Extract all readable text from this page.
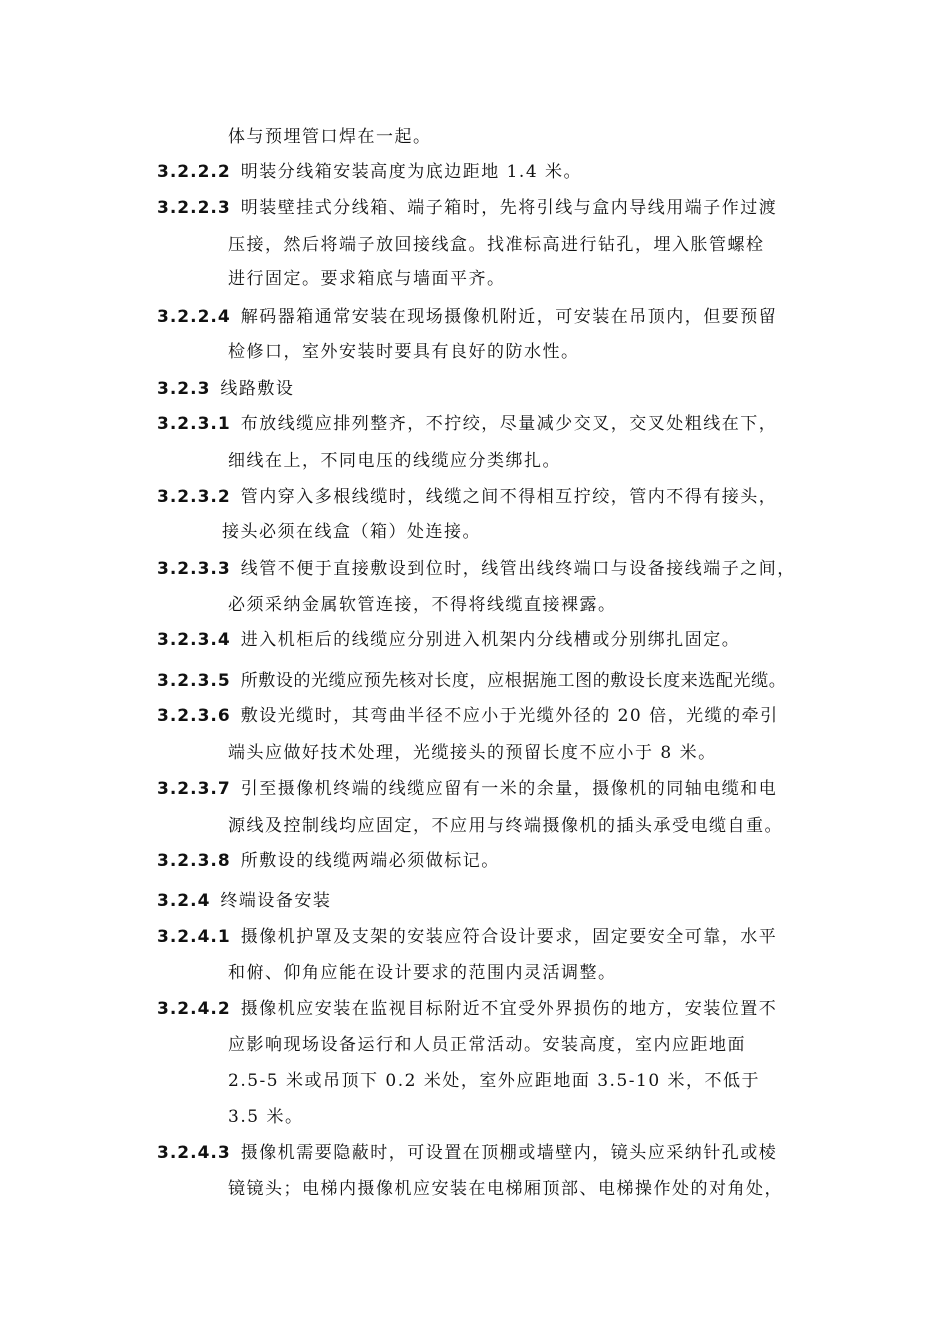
体与预埋管口焊在一起。
3.2.2.2 明装分线箱安装高度为底边距地 1.4 米。
3.2.2.3 明装壁挂式分线箱、端子箱时，先将引线与盒内导线用端子作过渡
压接，然后将端子放回接线盒。找准标高进行钻孔，埋入胀管螺栓
进行固定。要求箱底与墙面平齐。
3.2.2.4 解码器箱通常安装在现场摄像机附近，可安装在吊顶内，但要预留
检修口，室外安装时要具有良好的防水性。
3.2.3 线路敷设
3.2.3.1 布放线缆应排列整齐，不拧绞，尽量减少交叉，交叉处粗线在下，
细线在上，不同电压的线缆应分类绑扎。
3.2.3.2 管内穿入多根线缆时，线缆之间不得相互拧绞，管内不得有接头，
接头必须在线盒（箱）处连接。
3.2.3.3 线管不便于直接敷设到位时，线管出线终端口与设备接线端子之间，
必须采纳金属软管连接，不得将线缆直接裸露。
3.2.3.4 进入机柜后的线缆应分别进入机架内分线槽或分别绑扎固定。
3.2.3.5 所敷设的光缆应预先核对长度，应根据施工图的敷设长度来选配光缆。
3.2.3.6 敷设光缆时，其弯曲半径不应小于光缆外径的 20 倍，光缆的牵引
端头应做好技术处理，光缆接头的预留长度不应小于 8 米。
3.2.3.7 引至摄像机终端的线缆应留有一米的余量，摄像机的同轴电缆和电
源线及控制线均应固定，不应用与终端摄像机的插头承受电缆自重。
3.2.3.8 所敷设的线缆两端必须做标记。
3.2.4 终端设备安装
3.2.4.1 摄像机护罩及支架的安装应符合设计要求，固定要安全可靠，水平
和俯、仰角应能在设计要求的范围内灵活调整。
3.2.4.2 摄像机应安装在监视目标附近不宜受外界损伤的地方，安装位置不
应影响现场设备运行和人员正常活动。安装高度，室内应距地面
2.5-5 米或吊顶下 0.2 米处，室外应距地面 3.5-10 米，不低于
3.5 米。
3.2.4.3 摄像机需要隐蔽时，可设置在顶棚或墙壁内，镜头应采纳针孔或棱
镜镜头；电梯内摄像机应安装在电梯厢顶部、电梯操作处的对角处，
